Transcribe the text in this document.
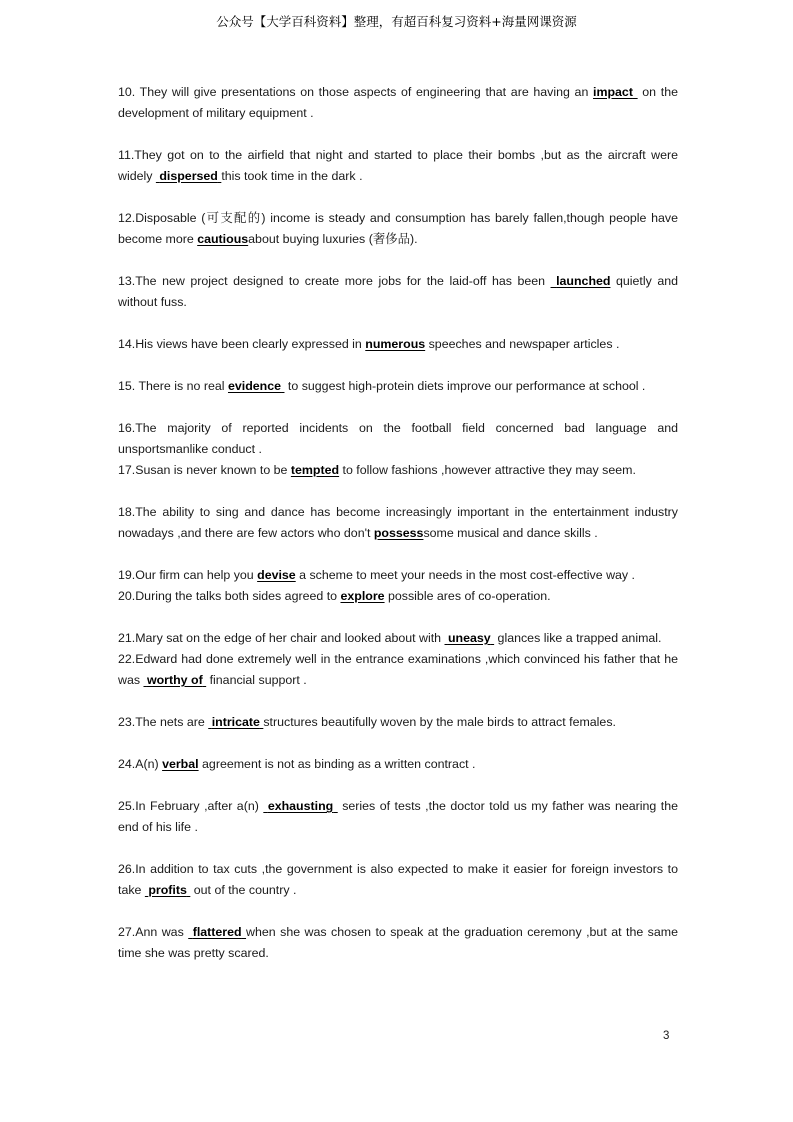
公众号【大学百科资料】整理，有超百科复习资料+海量网课资源

10. They will give presentations on those aspects of engineering that are having an impact on the development of military equipment .

11.They got on to the airfield that night and started to place their bombs ,but as the aircraft were widely dispersed this took time in the dark .

12.Disposable (可支配的) income is steady and consumption has barely fallen,though people have become more cautiousabout buying luxuries (奢侈品).

13.The new project designed to create more jobs for the laid-off has been launched quietly and without fuss.

14.His views have been clearly expressed in numerous speeches and newspaper articles .

15. There is no real evidence to suggest high-protein diets improve our performance at school .

16.The majority of reported incidents on the football field concerned bad language and unsportsmanlike conduct .

17.Susan is never known to be tempted to follow fashions ,however attractive they may seem.

18.The ability to sing and dance has become increasingly important in the entertainment industry nowadays ,and there are few actors who don't possesssome musical and dance skills .

19.Our firm can help you devise a scheme to meet your needs in the most cost-effective way .

20.During the talks both sides agreed to explore possible ares of co-operation.

21.Mary sat on the edge of her chair and looked about with uneasy glances like a trapped animal.

22.Edward had done extremely well in the entrance examinations ,which convinced his father that he was worthy of financial support .

23.The nets are intricate structures beautifully woven by the male birds to attract females.

24.A(n) verbal agreement is not as binding as a written contract .

25.In February ,after a(n) exhausting series of tests ,the doctor told us my father was nearing the end of his life .

26.In addition to tax cuts ,the government is also expected to make it easier for foreign investors to take profits out of the country .

27.Ann was flattered when she was chosen to speak at the graduation ceremony ,but at the same time she was pretty scared.

3
